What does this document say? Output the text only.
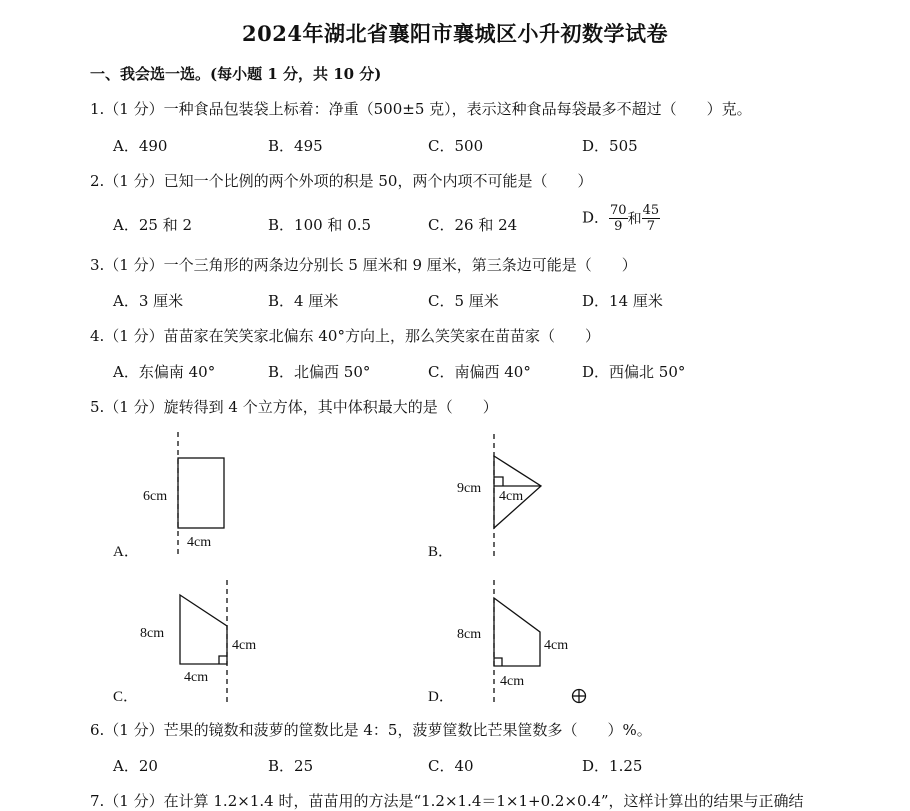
2024年湖北省襄阳市襄城区小升初数学试卷
一、我会选一选。(每小题 1 分，共 10 分)
1.（1 分）一种食品包装袋上标着：净重（500±5 克），表示这种食品每袋最多不超过（　　）克。
A．490	B．495	C．500	D．505
2.（1 分）已知一个比例的两个外项的积是 50，两个内项不可能是（　　）
A．25 和 2	B．100 和 0.5	C．26 和 24	D． $\frac{70}{9}$ 和 $\frac{45}{7}$
3.（1 分）一个三角形的两条边分别长 5 厘米和 9 厘米，第三条边可能是（　　）
A．3 厘米	B．4 厘米	C．5 厘米	D．14 厘米
4.（1 分）苗苗家在笑笑家北偏东 40°方向上，那么笑笑家在苗苗家（　　）
A．东偏南 40°	B．北偏西 50°	C．南偏西 40°	D．西偏北 50°
5.（1 分）旋转得到 4 个立方体，其中体积最大的是（　　）
6cm
4cm
A．
9cm
4cm
B．
8cm
4cm
4cm
C．
8cm
4cm
4cm
D．
6.（1 分）芒果的镜数和菠萝的筐数比是 4：5，菠萝筐数比芒果筐数多（　　）%。
A．20	B．25	C．40	D．1.25
7.（1 分）在计算 1.2×1.4 时，苗苗用的方法是“1.2×1.4＝1×1+0.2×0.4”，这样计算出的结果与正确结
